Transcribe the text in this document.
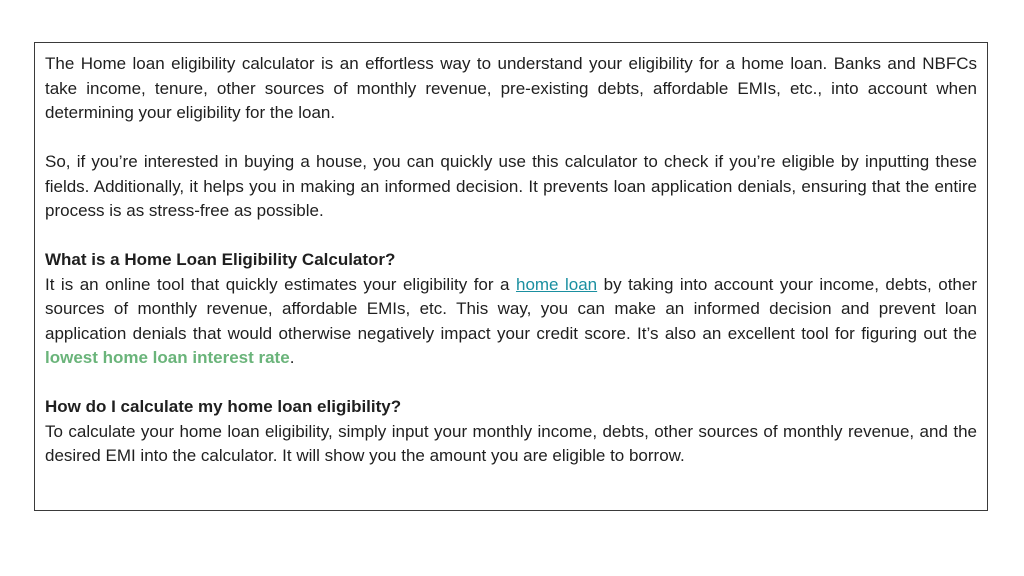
The Home loan eligibility calculator is an effortless way to understand your eligibility for a home loan. Banks and NBFCs take income, tenure, other sources of monthly revenue, pre-existing debts, affordable EMIs, etc., into account when determining your eligibility for the loan.

So, if you’re interested in buying a house, you can quickly use this calculator to check if you’re eligible by inputting these fields. Additionally, it helps you in making an informed decision. It prevents loan application denials, ensuring that the entire process is as stress-free as possible.

What is a Home Loan Eligibility Calculator?

It is an online tool that quickly estimates your eligibility for a home loan by taking into account your income, debts, other sources of monthly revenue, affordable EMIs, etc. This way, you can make an informed decision and prevent loan application denials that would otherwise negatively impact your credit score. It’s also an excellent tool for figuring out the lowest home loan interest rate.

How do I calculate my home loan eligibility?

To calculate your home loan eligibility, simply input your monthly income, debts, other sources of monthly revenue, and the desired EMI into the calculator. It will show you the amount you are eligible to borrow.
